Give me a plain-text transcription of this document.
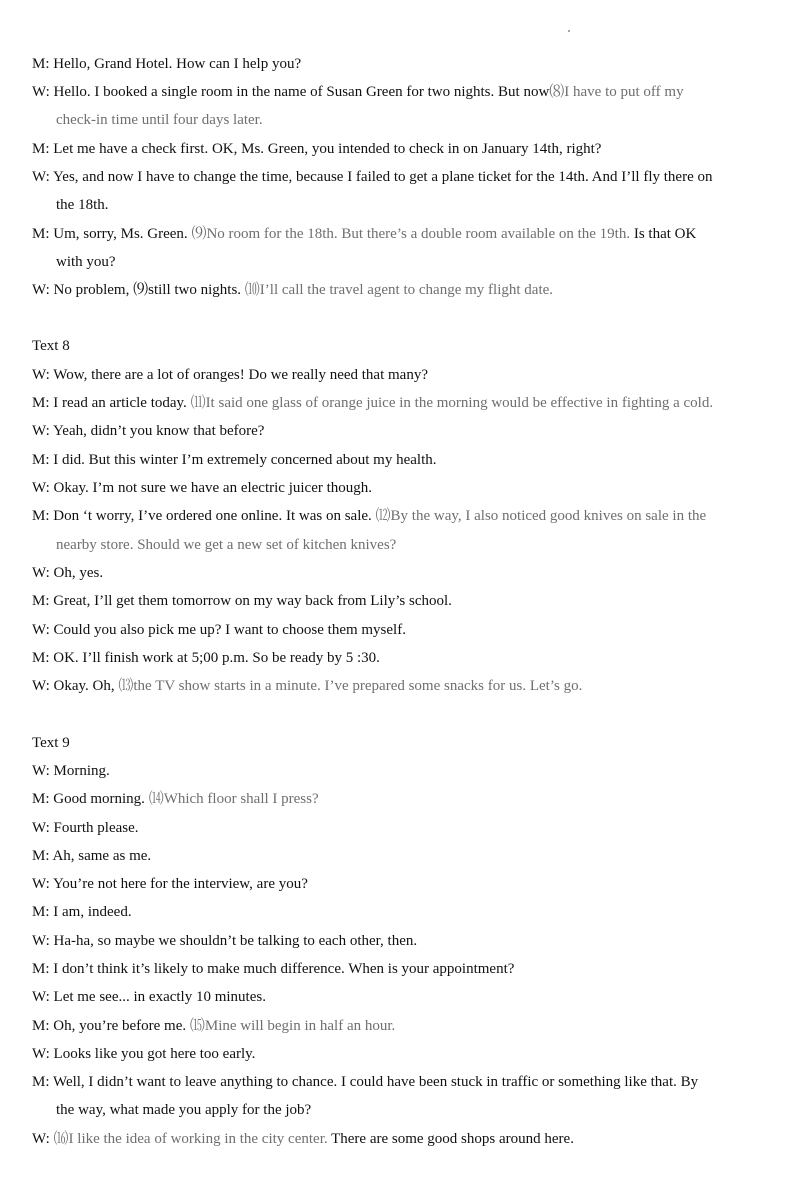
M: Hello, Grand Hotel. How can I help you?
W: Hello. I booked a single room in the name of Susan Green for two nights. But now⑻I have to put off my
check-in time until four days later.
M: Let me have a check first. OK, Ms. Green, you intended to check in on January 14th, right?
W: Yes, and now I have to change the time, because I failed to get a plane ticket for the 14th. And I’ll fly there on
the 18th.
M: Um, sorry, Ms. Green. ⑼No room for the 18th. But there’s a double room available on the 19th. Is that OK
with you?
W: No problem, ⑼still two nights. ⑽I’ll call the travel agent to change my flight date.
Text 8
W: Wow, there are a lot of oranges! Do we really need that many?
M: I read an article today. ⑾It said one glass of orange juice in the morning would be effective in fighting a cold.
W: Yeah, didn’t you know that before?
M: I did. But this winter I’m extremely concerned about my health.
W: Okay. I’m not sure we have an electric juicer though.
M: Don ‘t worry, I’ve ordered one online. It was on sale. ⑿By the way, I also noticed good knives on sale in the
nearby store. Should we get a new set of kitchen knives?
W: Oh, yes.
M: Great, I’ll get them tomorrow on my way back from Lily’s school.
W: Could you also pick me up? I want to choose them myself.
M: OK. I’ll finish work at 5;00 p.m. So be ready by 5 :30.
W: Okay. Oh, ⒀the TV show starts in a minute. I’ve prepared some snacks for us. Let’s go.
Text 9
W: Morning.
M: Good morning. ⒁Which floor shall I press?
W: Fourth please.
M: Ah, same as me.
W: You’re not here for the interview, are you?
M: I am, indeed.
W: Ha-ha, so maybe we shouldn’t be talking to each other, then.
M: I don’t think it’s likely to make much difference. When is your appointment?
W: Let me see... in exactly 10 minutes.
M: Oh, you’re before me. ⒂Mine will begin in half an hour.
W: Looks like you got here too early.
M: Well, I didn’t want to leave anything to chance. I could have been stuck in traffic or something like that. By
the way, what made you apply for the job?
W: ⒃I like the idea of working in the city center. There are some good shops around here.
